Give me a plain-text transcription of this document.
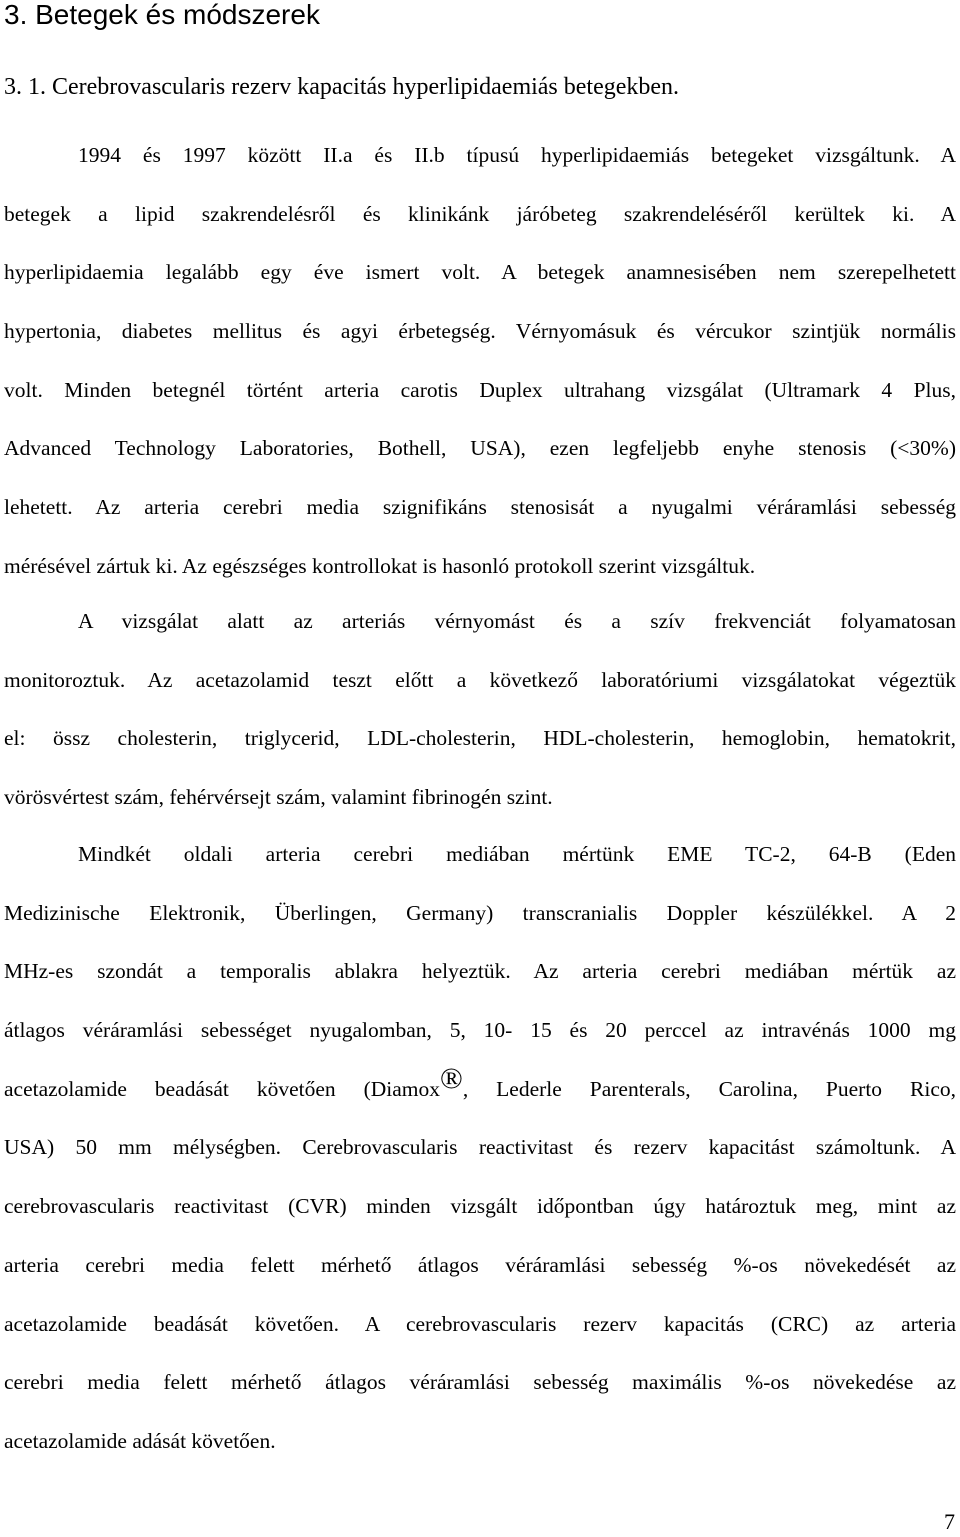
3. Betegek és módszerek
3. 1. Cerebrovascularis rezerv kapacitás hyperlipidaemiás betegekben.
1994 és 1997 között II.a és II.b típusú hyperlipidaemiás betegeket vizsgáltunk. A
betegek a lipid szakrendelésről és klinikánk járóbeteg szakrendeléséről kerültek ki. A
hyperlipidaemia legalább egy éve ismert volt. A betegek anamnesisében nem szerepelhetett
hypertonia, diabetes mellitus és agyi érbetegség. Vérnyomásuk és vércukor szintjük normális
volt. Minden betegnél történt arteria carotis Duplex ultrahang vizsgálat (Ultramark 4 Plus,
Advanced Technology Laboratories, Bothell, USA), ezen legfeljebb enyhe stenosis (<30%)
lehetett. Az arteria cerebri media szignifikáns stenosisát a nyugalmi véráramlási sebesség
mérésével zártuk ki. Az egészséges kontrollokat is hasonló protokoll szerint vizsgáltuk.
A vizsgálat alatt az arteriás vérnyomást és a szív frekvenciát folyamatosan
monitoroztuk. Az acetazolamid teszt előtt a következő laboratóriumi vizsgálatokat végeztük
el: össz cholesterin, triglycerid, LDL-cholesterin, HDL-cholesterin, hemoglobin, hematokrit,
vörösvértest szám, fehérvérsejt szám, valamint fibrinogén szint.
Mindkét oldali arteria cerebri mediában mértünk EME TC-2, 64-B (Eden
Medizinische Elektronik, Überlingen, Germany) transcranialis Doppler készülékkel. A 2
MHz-es szondát a temporalis ablakra helyeztük. Az arteria cerebri mediában mértük az
átlagos véráramlási sebességet nyugalomban, 5, 10- 15 és 20 perccel az intravénás 1000 mg
acetazolamide beadását követően (Diamox®, Lederle Parenterals, Carolina, Puerto Rico,
USA) 50 mm mélységben. Cerebrovascularis reactivitast és rezerv kapacitást számoltunk. A
cerebrovascularis reactivitast (CVR) minden vizsgált időpontban úgy határoztuk meg, mint az
arteria cerebri media felett mérhető átlagos véráramlási sebesség %-os növekedését az
acetazolamide beadását követően. A cerebrovascularis rezerv kapacitás (CRC) az arteria
cerebri media felett mérhető átlagos véráramlási sebesség maximális %-os növekedése az
acetazolamide adását követően.
7
